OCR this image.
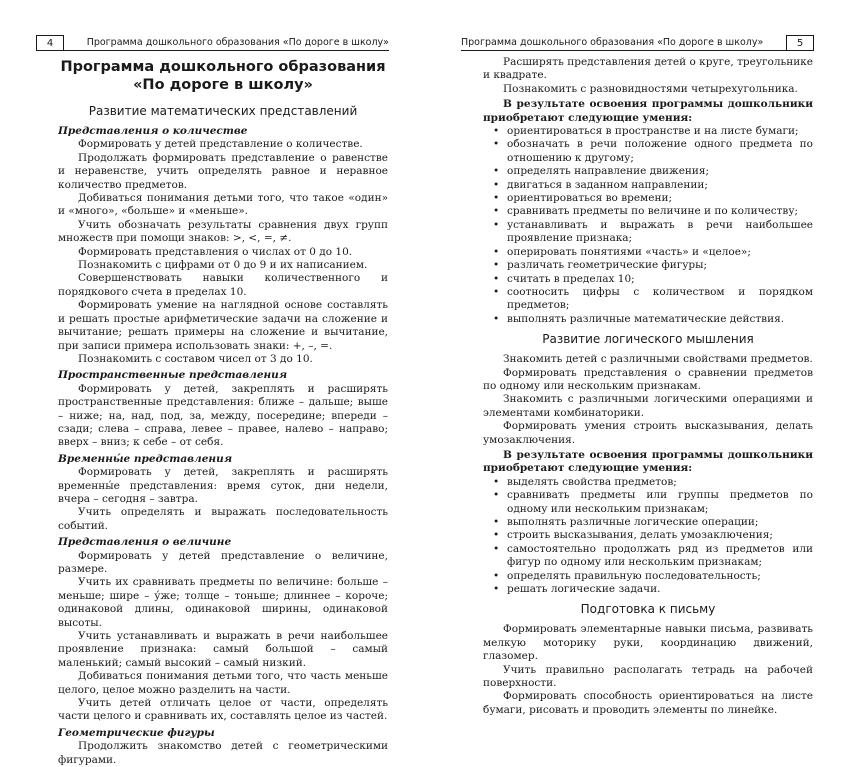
4	Программа дошкольного образования «По дороге в школу»
Программа дошкольного образования
«По дороге в школу»
Развитие математических представлений
Представления о количестве

Формировать у детей представление о количестве.

Продолжать формировать представление о равенстве и неравенстве, учить определять равное и неравное количество предметов.

Добиваться понимания детьми того, что такое «один» и «много», «больше» и «меньше».

Учить обозначать результаты сравнения двух групп множеств при помощи знаков: >, <, =, ≠.

Формировать представления о числах от 0 до 10.

Познакомить с цифрами от 0 до 9 и их написанием.

Совершенствовать навыки количественного и порядкового счета в пределах 10.

Формировать умение на наглядной основе составлять и решать простые арифметические задачи на сложение и вычитание; решать примеры на сложение и вычитание, при записи примера использовать знаки: +, –, =.

Познакомить с составом чисел от 3 до 10.

Пространственные представления

Формировать у детей, закреплять и расширять пространственные представления: ближе – дальше; выше – ниже; на, над, под, за, между, посередине; впереди – сзади; слева – справа, левее – правее, налево – направо; вверх – вниз; к себе – от себя.

Временны́е представления

Формировать у детей, закреплять и расширять временны́е представления: время суток, дни недели, вчера – сегодня – завтра.

Учить определять и выражать последовательность событий.

Представления о величине

Формировать у детей представление о величине, размере.

Учить их сравнивать предметы по величине: больше – меньше; шире – у́же; толще – тоньше; длиннее – короче; одинаковой длины, одинаковой ширины, одинаковой высоты.

Учить устанавливать и выражать в речи наибольшее проявление признака: самый большой – самый маленький; самый высокий – самый низкий.

Добиваться понимания детьми того, что часть меньше целого, целое можно разделить на части.

Учить детей отличать целое от части, определять части целого и сравнивать их, составлять целое из частей.

Геометрические фигуры

Продолжить знакомство детей с геометрическими фигурами.

Программа дошкольного образования «По дороге в школу»	5

Расширять представления детей о круге, треугольнике и квадрате.

Познакомить с разновидностями четырехугольника.

В результате освоения программы дошкольники приобретают следующие умения:

• ориентироваться в пространстве и на листе бумаги;
• обозначать в речи положение одного предмета по отношению к другому;
• определять направление движения;
• двигаться в заданном направлении;
• ориентироваться во времени;
• сравнивать предметы по величине и по количеству;
• устанавливать и выражать в речи наибольшее проявление признака;
• оперировать понятиями «часть» и «целое»;
• различать геометрические фигуры;
• считать в пределах 10;
• соотносить цифры с количеством и порядком предметов;
• выполнять различные математические действия.
Развитие логического мышления

Знакомить детей с различными свойствами предметов.

Формировать представления о сравнении предметов по одному или нескольким признакам.

Знакомить с различными логическими операциями и элементами комбинаторики.

Формировать умения строить высказывания, делать умозаключения.

В результате освоения программы дошкольники приобретают следующие умения:

• выделять свойства предметов;
• сравнивать предметы или группы предметов по одному или нескольким признакам;
• выполнять различные логические операции;
• строить высказывания, делать умозаключения;
• самостоятельно продолжать ряд из предметов или фигур по одному или нескольким признакам;
• определять правильную последовательность;
• решать логические задачи.
Подготовка к письму

Формировать элементарные навыки письма, развивать мелкую моторику руки, координацию движений, глазомер.

Учить правильно располагать тетрадь на рабочей поверхности.

Формировать способность ориентироваться на листе бумаги, рисовать и проводить элементы по линейке.
